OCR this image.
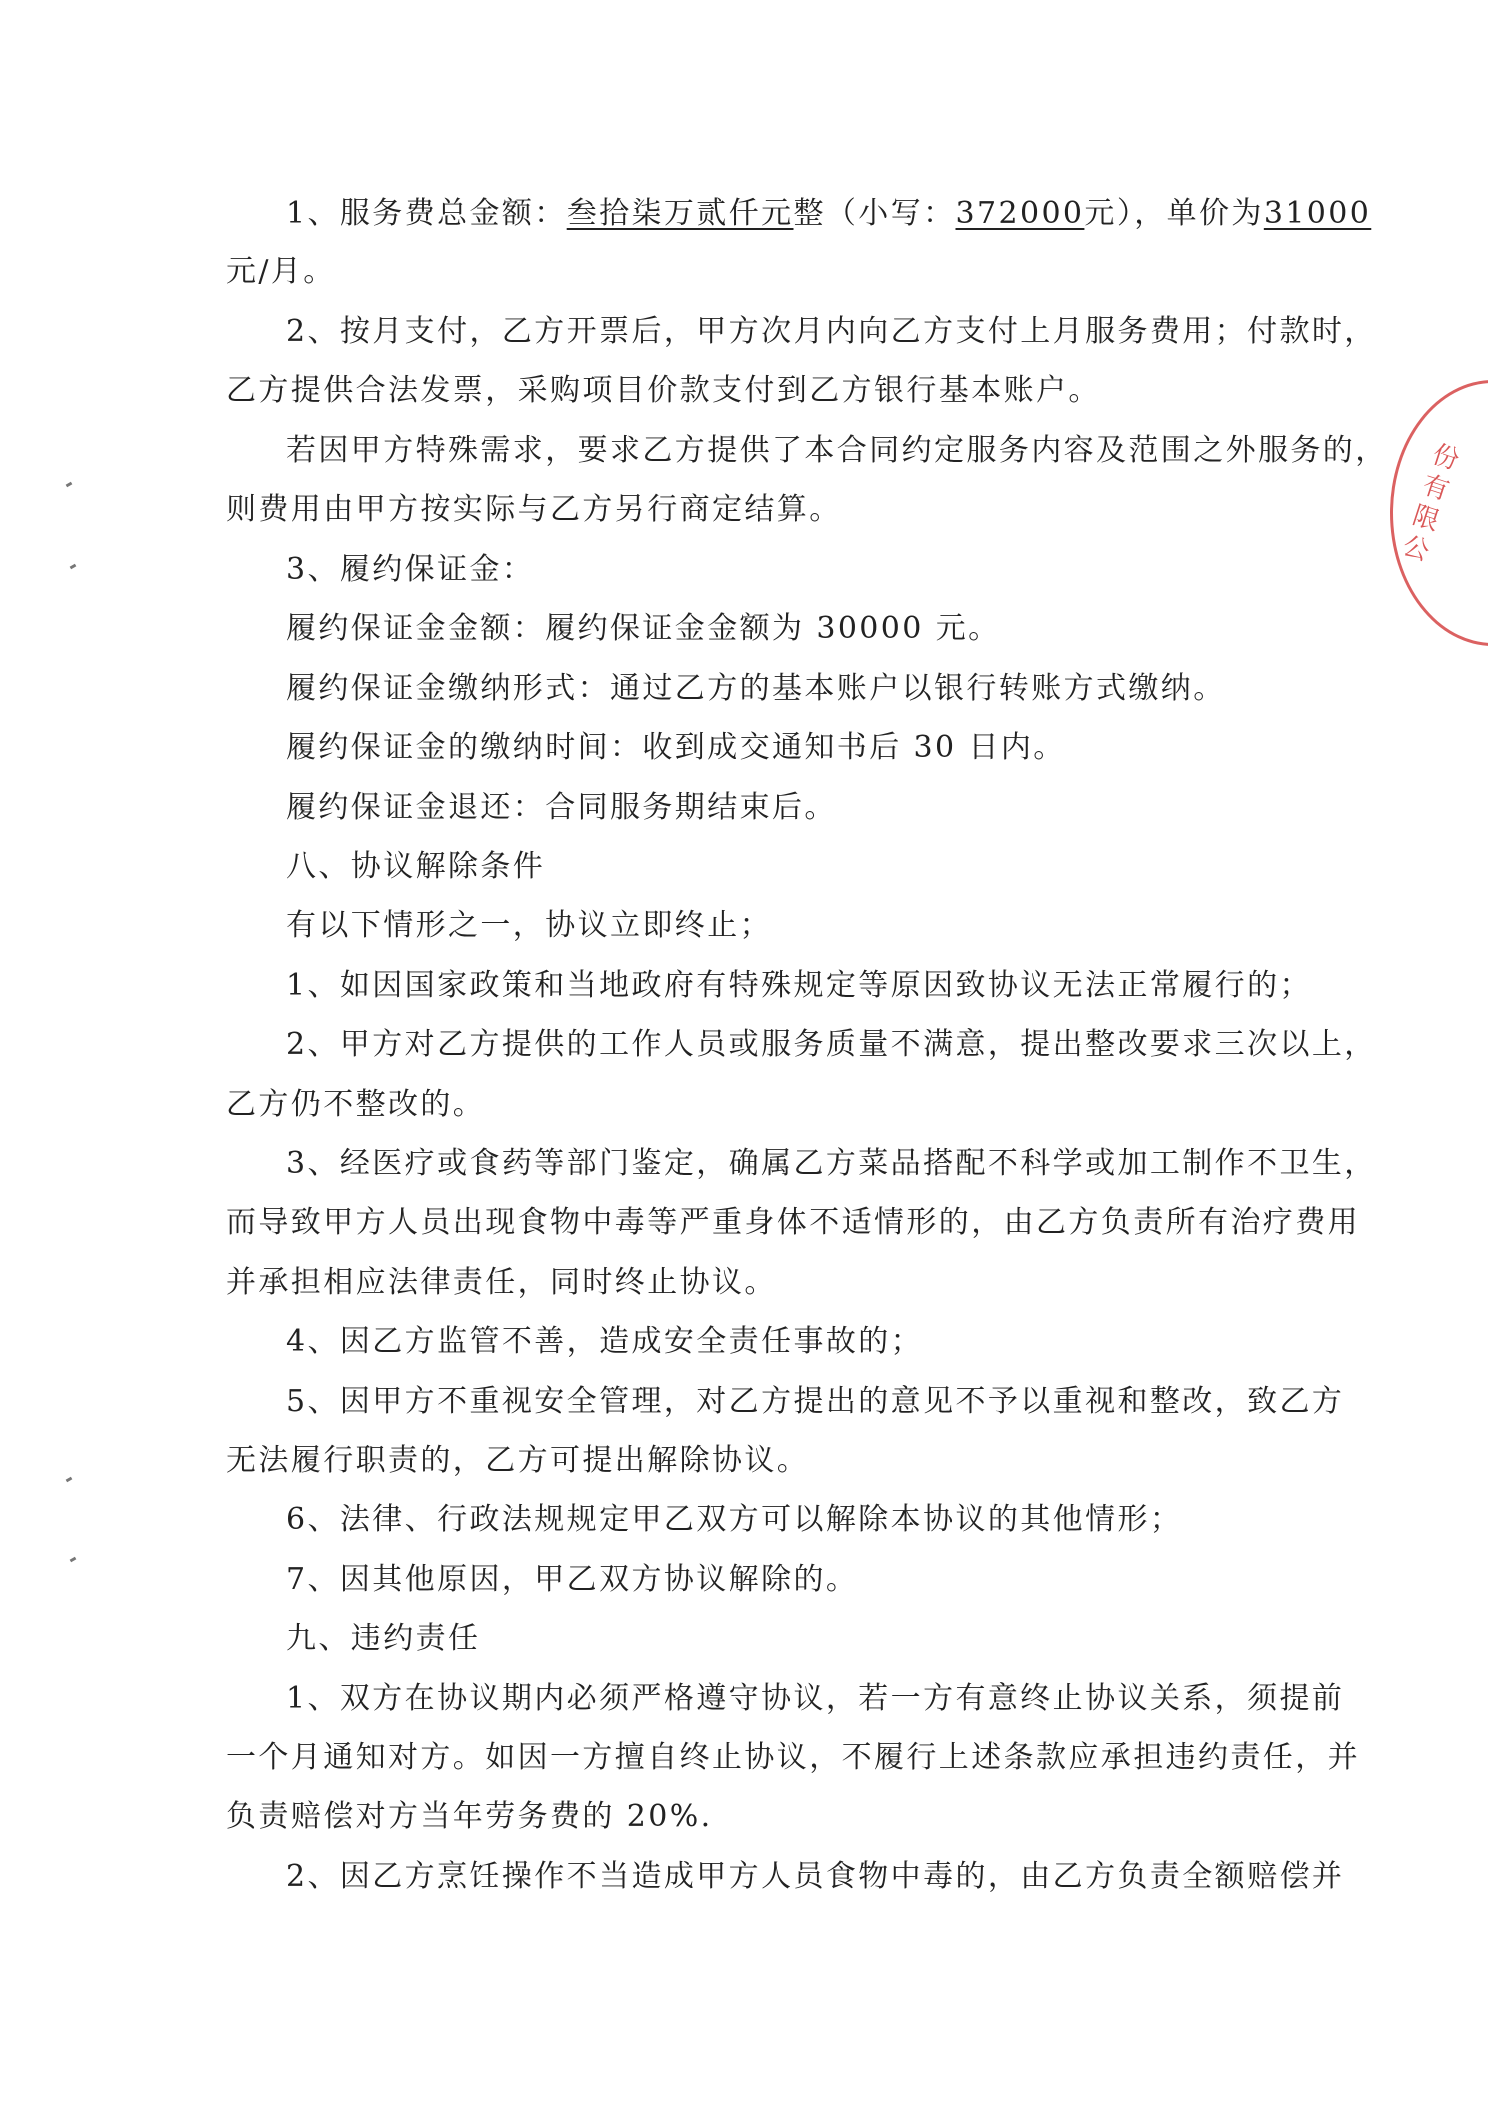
1、服务费总金额：叁拾柒万贰仟元整（小写：372000元），单价为31000
元/月。
2、按月支付，乙方开票后，甲方次月内向乙方支付上月服务费用；付款时，
乙方提供合法发票，采购项目价款支付到乙方银行基本账户。
若因甲方特殊需求，要求乙方提供了本合同约定服务内容及范围之外服务的，
则费用由甲方按实际与乙方另行商定结算。
3、履约保证金：
履约保证金金额：履约保证金金额为 30000 元。
履约保证金缴纳形式：通过乙方的基本账户以银行转账方式缴纳。
履约保证金的缴纳时间：收到成交通知书后 30 日内。
履约保证金退还：合同服务期结束后。
八、协议解除条件
有以下情形之一，协议立即终止；
1、如因国家政策和当地政府有特殊规定等原因致协议无法正常履行的；
2、甲方对乙方提供的工作人员或服务质量不满意，提出整改要求三次以上，
乙方仍不整改的。
3、经医疗或食药等部门鉴定，确属乙方菜品搭配不科学或加工制作不卫生，
而导致甲方人员出现食物中毒等严重身体不适情形的，由乙方负责所有治疗费用
并承担相应法律责任，同时终止协议。
4、因乙方监管不善，造成安全责任事故的；
5、因甲方不重视安全管理，对乙方提出的意见不予以重视和整改，致乙方
无法履行职责的，乙方可提出解除协议。
6、法律、行政法规规定甲乙双方可以解除本协议的其他情形；
7、因其他原因，甲乙双方协议解除的。
九、违约责任
1、双方在协议期内必须严格遵守协议，若一方有意终止协议关系，须提前
一个月通知对方。如因一方擅自终止协议，不履行上述条款应承担违约责任，并
负责赔偿对方当年劳务费的 20%.
2、因乙方烹饪操作不当造成甲方人员食物中毒的，由乙方负责全额赔偿并
份有限公
